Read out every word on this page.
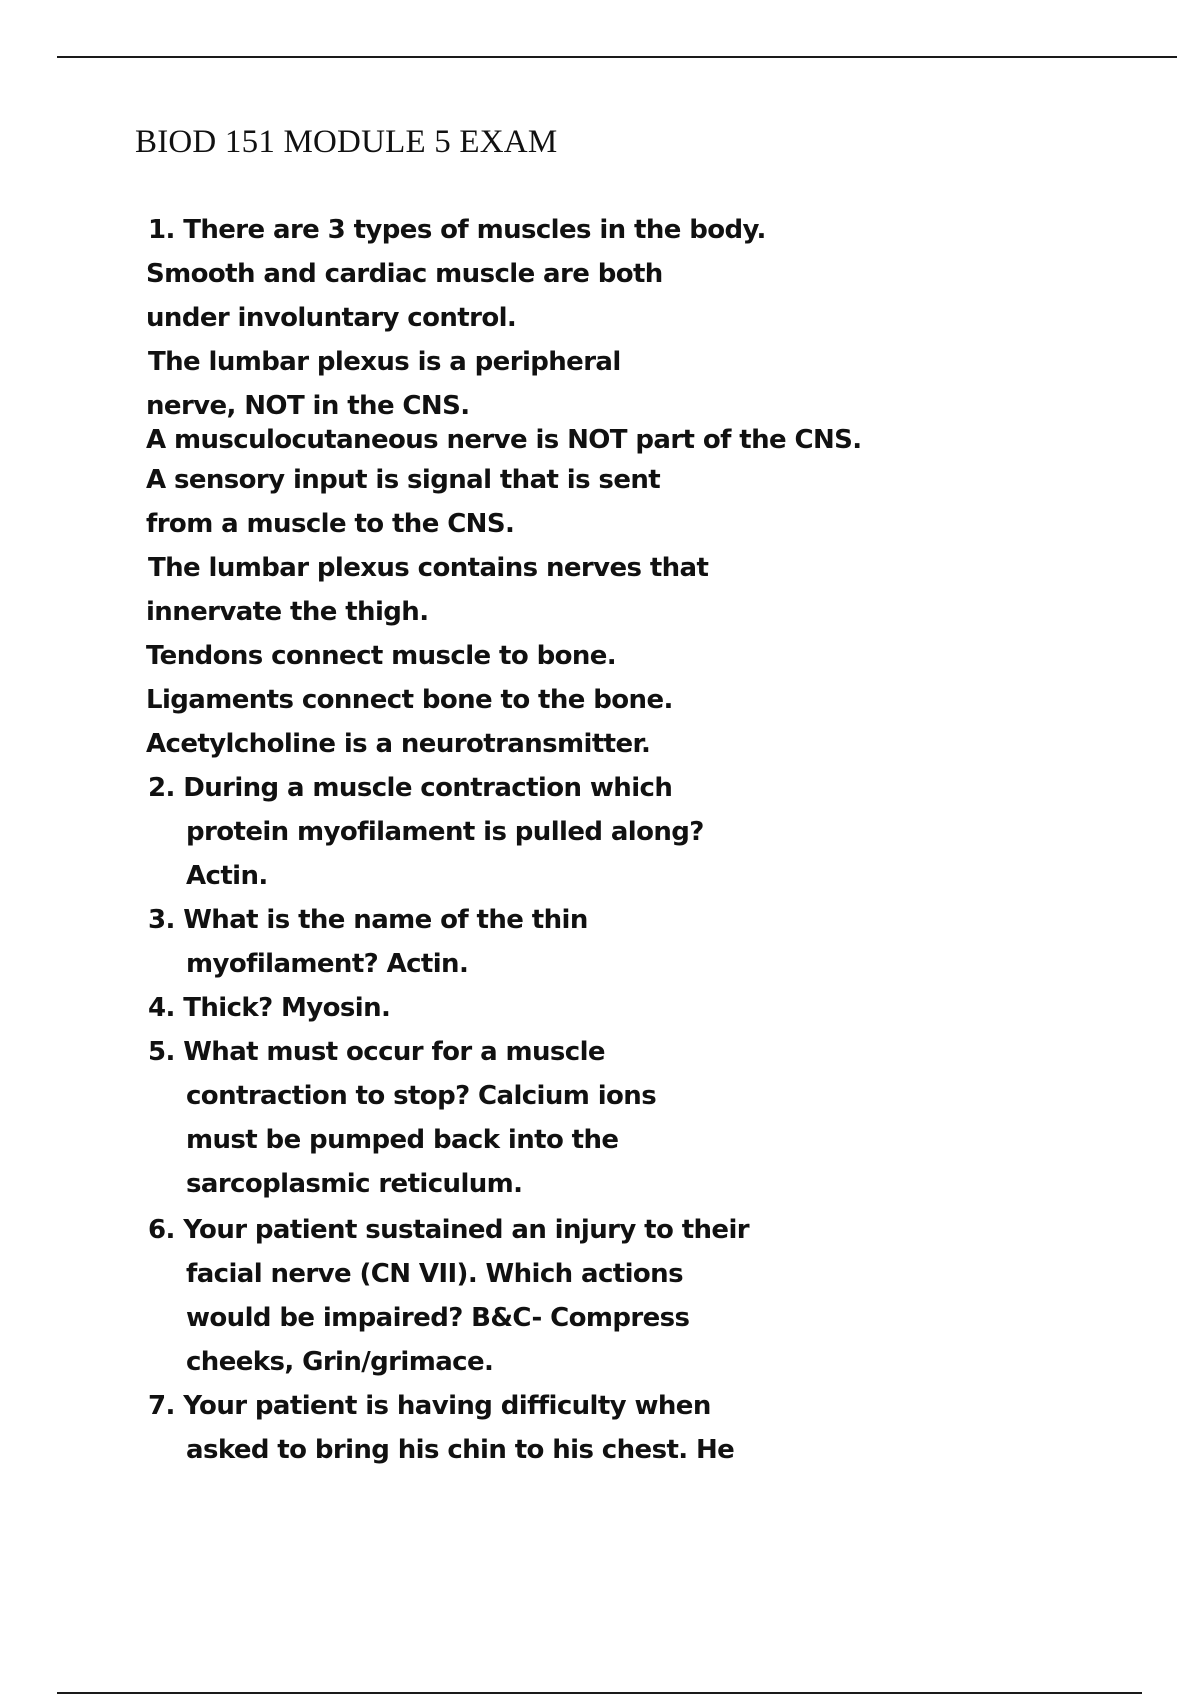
BIOD 151 MODULE 5 EXAM
1. There are 3 types of muscles in the body.
Smooth and cardiac muscle are both
under involuntary control.
The lumbar plexus is a peripheral
nerve, NOT in the CNS.
A musculocutaneous nerve is NOT part of the CNS.
A sensory input is signal that is sent
from a muscle to the CNS.
The lumbar plexus contains nerves that
innervate the thigh.
Tendons connect muscle to bone.
Ligaments connect bone to the bone.
Acetylcholine is a neurotransmitter.
2. During a muscle contraction which
protein myofilament is pulled along?
Actin.
3. What is the name of the thin
myofilament? Actin.
4. Thick? Myosin.
5. What must occur for a muscle
contraction to stop? Calcium ions
must be pumped back into the
sarcoplasmic reticulum.
6. Your patient sustained an injury to their
facial nerve (CN VII). Which actions
would be impaired? B&C- Compress
cheeks, Grin/grimace.
7. Your patient is having difficulty when
asked to bring his chin to his chest. He
